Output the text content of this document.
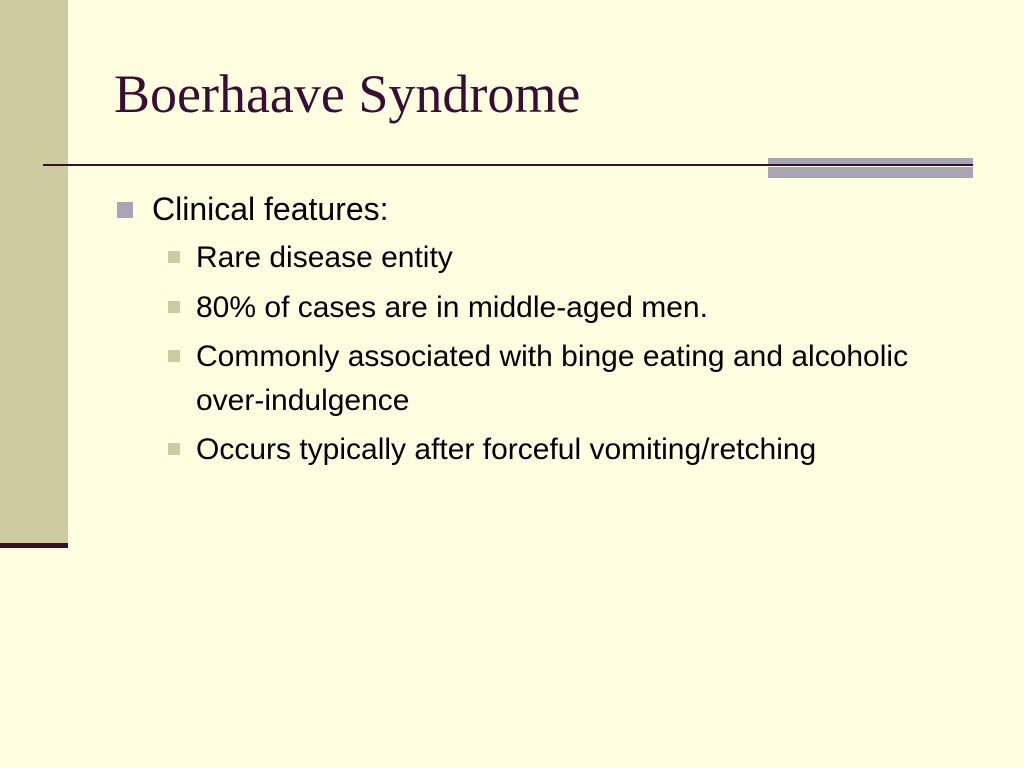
Boerhaave Syndrome
Clinical features:
Rare disease entity
80% of cases are in middle-aged men.
Commonly associated with binge eating and alcoholic over-indulgence
Occurs typically after forceful vomiting/retching
